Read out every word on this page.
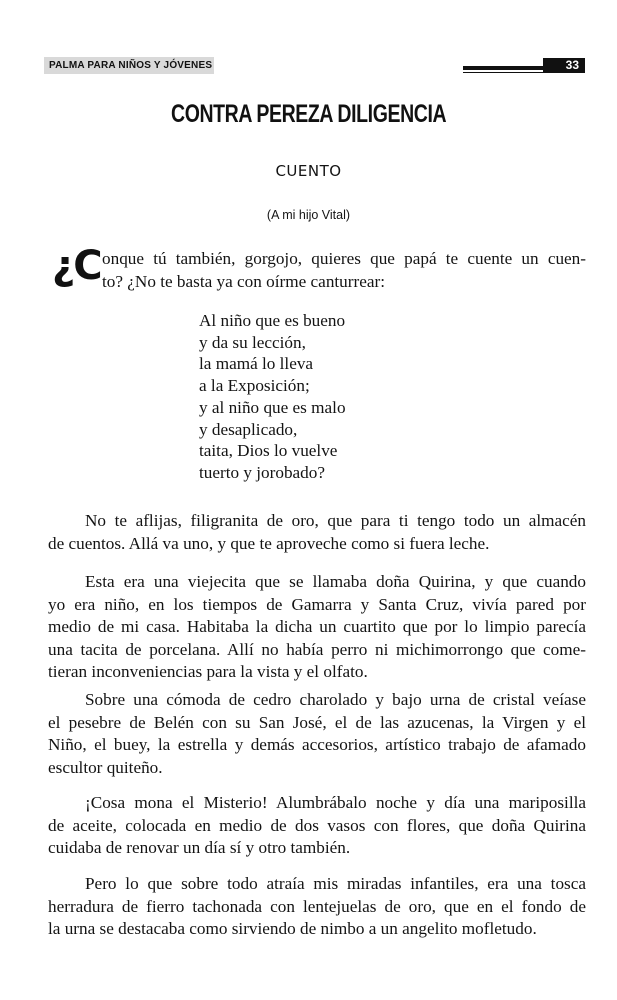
PALMA PARA NIÑOS Y JÓVENES	33
CONTRA PEREZA DILIGENCIA
CUENTO
(A mi hijo Vital)
¿C onque tú también, gorgojo, quieres que papá te cuente un cuen-
to? ¿No te basta ya con oírme canturrear:
Al niño que es bueno
y da su lección,
la mamá lo lleva
a la Exposición;
y al niño que es malo
y desaplicado,
taita, Dios lo vuelve
tuerto y jorobado?
No te aflijas, filigranita de oro, que para ti tengo todo un almacén
de cuentos. Allá va uno, y que te aproveche como si fuera leche.
Esta era una viejecita que se llamaba doña Quirina, y que cuando
yo era niño, en los tiempos de Gamarra y Santa Cruz, vivía pared por
medio de mi casa. Habitaba la dicha un cuartito que por lo limpio parecía
una tacita de porcelana. Allí no había perro ni michimorrongo que come-
tieran inconveniencias para la vista y el olfato.
Sobre una cómoda de cedro charolado y bajo urna de cristal veíase
el pesebre de Belén con su San José, el de las azucenas, la Virgen y el
Niño, el buey, la estrella y demás accesorios, artístico trabajo de afamado
escultor quiteño.
¡Cosa mona el Misterio! Alumbrábalo noche y día una mariposilla
de aceite, colocada en medio de dos vasos con flores, que doña Quirina
cuidaba de renovar un día sí y otro también.
Pero lo que sobre todo atraía mis miradas infantiles, era una tosca
herradura de fierro tachonada con lentejuelas de oro, que en el fondo de
la urna se destacaba como sirviendo de nimbo a un angelito mofletudo.
